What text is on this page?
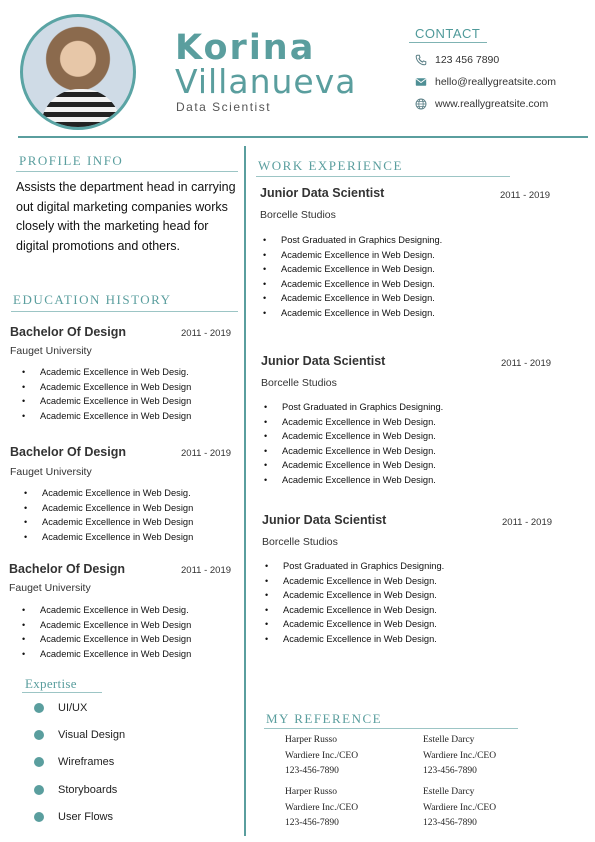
Korina
Villanueva
Data Scientist
CONTACT
123 456 7890
hello@reallygreatsite.com
www.reallygreatsite.com
PROFILE INFO
Assists the department head in carrying out digital marketing companies works closely with the marketing head for digital promotions and others.
EDUCATION HISTORY
Bachelor Of Design	2011 - 2019
Fauget University
• Academic Excellence in Web Desig.
• Academic Excellence in Web Design
• Academic Excellence in Web Design
• Academic Excellence in Web Design
Bachelor Of Design	2011 - 2019
Fauget University
• Academic Excellence in Web Desig.
• Academic Excellence in Web Design
• Academic Excellence in Web Design
• Academic Excellence in Web Design
Bachelor Of Design	2011 - 2019
Fauget University
• Academic Excellence in Web Desig.
• Academic Excellence in Web Design
• Academic Excellence in Web Design
• Academic Excellence in Web Design
Expertise
UI/UX
Visual Design
Wireframes
Storyboards
User Flows
WORK EXPERIENCE
Junior Data Scientist	2011 - 2019
Borcelle Studios
• Post Graduated in Graphics Designing.
• Academic Excellence in Web Design.
• Academic Excellence in Web Design.
• Academic Excellence in Web Design.
• Academic Excellence in Web Design.
• Academic Excellence in Web Design.
Junior Data Scientist	2011 - 2019
Borcelle Studios
• Post Graduated in Graphics Designing.
• Academic Excellence in Web Design.
• Academic Excellence in Web Design.
• Academic Excellence in Web Design.
• Academic Excellence in Web Design.
• Academic Excellence in Web Design.
Junior Data Scientist	2011 - 2019
Borcelle Studios
• Post Graduated in Graphics Designing.
• Academic Excellence in Web Design.
• Academic Excellence in Web Design.
• Academic Excellence in Web Design.
• Academic Excellence in Web Design.
• Academic Excellence in Web Design.
MY REFERENCE
Harper Russo
Wardiere Inc./CEO
123-456-7890
Estelle Darcy
Wardiere Inc./CEO
123-456-7890
Harper Russo
Wardiere Inc./CEO
123-456-7890
Estelle Darcy
Wardiere Inc./CEO
123-456-7890
